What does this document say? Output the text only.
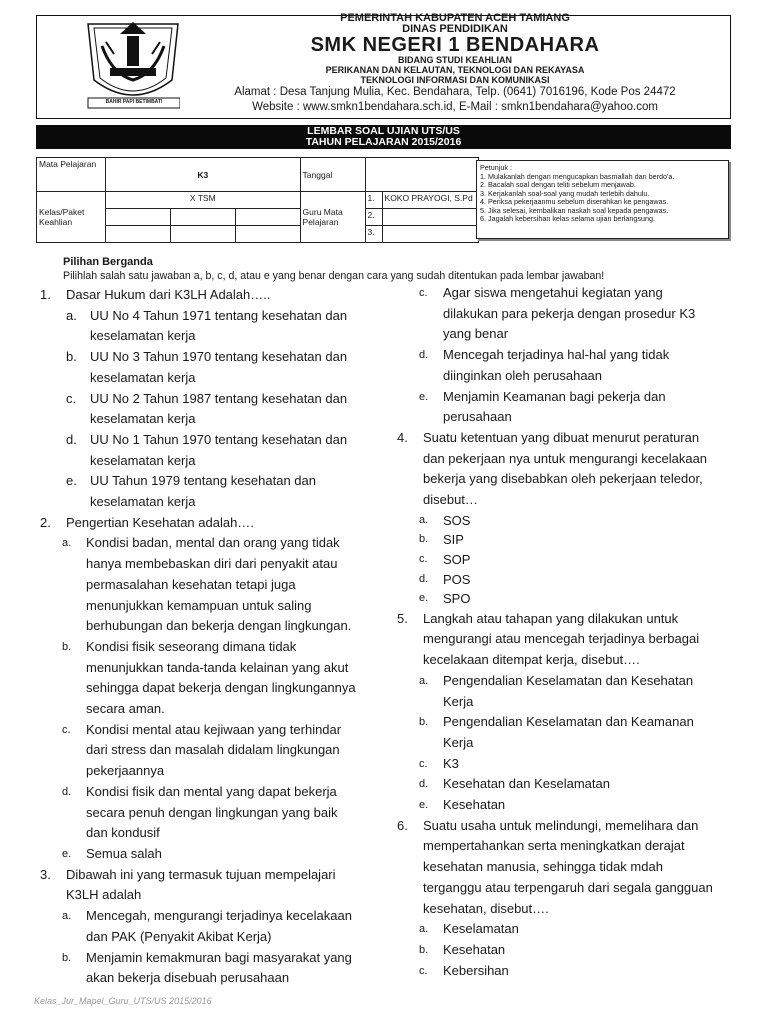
BAHIR PAPI BETIMBATI
PEMERINTAH KABUPATEN ACEH TAMIANG
DINAS PENDIDIKAN
SMK NEGERI 1 BENDAHARA
BIDANG STUDI KEAHLIAN
PERIKANAN DAN KELAUTAN, TEKNOLOGI DAN REKAYASA
TEKNOLOGI INFORMASI DAN KOMUNIKASI
Alamat : Desa Tanjung Mulia, Kec. Bendahara, Telp. (0641) 7016196, Kode Pos 24472
Website : www.smkn1bendahara.sch.id, E-Mail : smkn1bendahara@yahoo.com
LEMBAR SOAL UJIAN UTS/US
TAHUN PELAJARAN 2015/2016
Mata Pelajaran	K3			Tanggal		
Kelas/Paket Keahlian	X TSM			Guru Mata Pelajaran	1.	KOKO PRAYOGI, S.Pd
					2.	
					3.	
Petunjuk :
1. Mulakanlah dengan mengucapkan basmallah dan berdo'a.
2. Bacalah soal dengan teliti sebelum menjawab.
3. Kerjakanlah soal-soal yang mudah terlebih dahulu.
4. Periksa pekerjaanmu sebelum diserahkan ke pengawas.
5. Jika selesai, kembalikan naskah soal kepada pengawas.
6. Jagalah kebersihan kelas selama ujian berlangsung.
Pilihan Berganda
Pilihlah salah satu jawaban a, b, c, d, atau e yang benar dengan cara yang sudah ditentukan pada lembar jawaban!
1.	Dasar Hukum dari K3LH Adalah…..
a. UU No 4 Tahun 1971 tentang kesehatan dan
keselamatan kerja
b. UU No 3 Tahun 1970 tentang kesehatan dan
keselamatan kerja
c. UU No 2 Tahun 1987 tentang kesehatan dan
keselamatan kerja
d. UU No 1 Tahun 1970 tentang kesehatan dan
keselamatan kerja
e. UU Tahun 1979 tentang kesehatan dan
keselamatan kerja
2.	Pengertian Kesehatan adalah….
a. Kondisi badan, mental dan orang yang tidak
hanya membebaskan diri dari penyakit atau
permasalahan kesehatan tetapi juga
menunjukkan kemampuan untuk saling
berhubungan dan bekerja dengan lingkungan.
b. Kondisi fisik seseorang dimana tidak
menunjukkan tanda-tanda kelainan yang akut
sehingga dapat bekerja dengan lingkungannya
secara aman.
c. Kondisi mental atau kejiwaan yang terhindar
dari stress dan masalah didalam lingkungan
pekerjaannya
d. Kondisi fisik dan mental yang dapat bekerja
secara penuh dengan lingkungan yang baik
dan kondusif
e. Semua salah
3. Dibawah ini yang termasuk tujuan mempelajari
K3LH adalah
a. Mencegah, mengurangi terjadinya kecelakaan
dan PAK (Penyakit Akibat Kerja)
b. Menjamin kemakmuran bagi masyarakat yang
akan bekerja disebuah perusahaan
c. Agar siswa mengetahui kegiatan yang
dilakukan para pekerja dengan prosedur K3
yang benar
d. Mencegah terjadinya hal-hal yang tidak
diinginkan oleh perusahaan
e. Menjamin Keamanan bagi pekerja dan
perusahaan
4. Suatu ketentuan yang dibuat menurut peraturan
dan pekerjaan nya untuk mengurangi kecelakaan
bekerja yang disebabkan oleh pekerjaan teledor,
disebut…
a. SOS
b. SIP
c. SOP
d. POS
e. SPO
5. Langkah atau tahapan yang dilakukan untuk
mengurangi atau mencegah terjadinya berbagai
kecelakaan ditempat kerja, disebut….
a. Pengendalian Keselamatan dan Kesehatan
Kerja
b. Pengendalian Keselamatan dan Keamanan
Kerja
c. K3
d. Kesehatan dan Keselamatan
e. Kesehatan
6. Suatu usaha untuk melindungi, memelihara dan
mempertahankan serta meningkatkan derajat
kesehatan manusia, sehingga tidak mdah
terganggu atau terpengaruh dari segala gangguan
kesehatan, disebut….
a. Keselamatan
b. Kesehatan
c. Kebersihan
Kelas_Jur_Mapel_Guru_UTS/US 2015/2016
